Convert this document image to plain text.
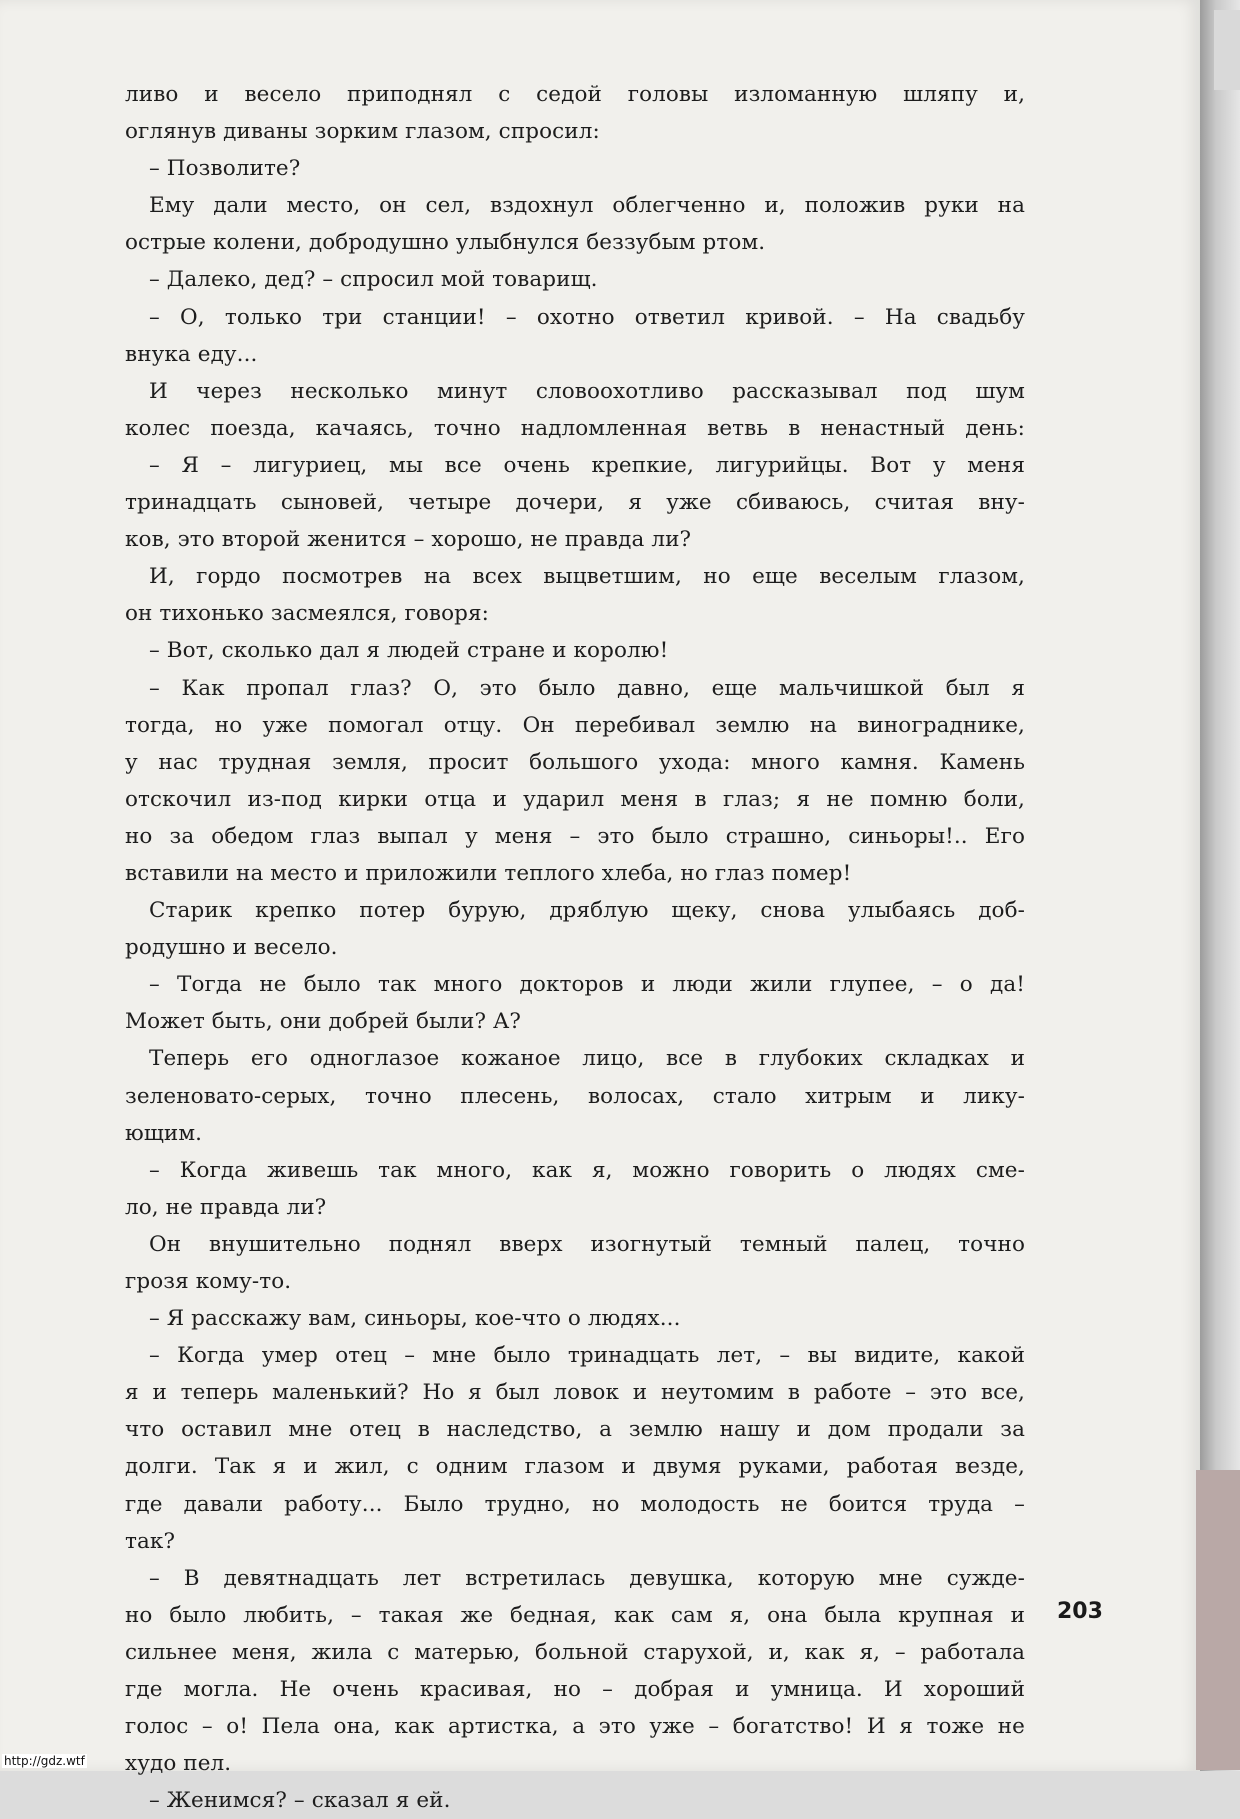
ливо и весело приподнял с седой головы изломанную шляпу и,
оглянув диваны зорким глазом, спросил:
– Позволите?
Ему дали место, он сел, вздохнул облегченно и, положив руки на
острые колени, добродушно улыбнулся беззубым ртом.
– Далеко, дед? – спросил мой товарищ.
– О, только три станции! – охотно ответил кривой. – На свадьбу
внука еду...
И через несколько минут словоохотливо рассказывал под шум
колес поезда, качаясь, точно надломленная ветвь в ненастный день:
– Я – лигуриец, мы все очень крепкие, лигурийцы. Вот у меня
тринадцать сыновей, четыре дочери, я уже сбиваюсь, считая вну-
ков, это второй женится – хорошо, не правда ли?
И, гордо посмотрев на всех выцветшим, но еще веселым глазом,
он тихонько засмеялся, говоря:
– Вот, сколько дал я людей стране и королю!
– Как пропал глаз? О, это было давно, еще мальчишкой был я
тогда, но уже помогал отцу. Он перебивал землю на винограднике,
у нас трудная земля, просит большого ухода: много камня. Камень
отскочил из-под кирки отца и ударил меня в глаз; я не помню боли,
но за обедом глаз выпал у меня – это было страшно, синьоры!.. Его
вставили на место и приложили теплого хлеба, но глаз помер!
Старик крепко потер бурую, дряблую щеку, снова улыбаясь доб-
родушно и весело.
– Тогда не было так много докторов и люди жили глупее, – о да!
Может быть, они добрей были? А?
Теперь его одноглазое кожаное лицо, все в глубоких складках и
зеленовато-серых, точно плесень, волосах, стало хитрым и лику-
ющим.
– Когда живешь так много, как я, можно говорить о людях сме-
ло, не правда ли?
Он внушительно поднял вверх изогнутый темный палец, точно
грозя кому-то.
– Я расскажу вам, синьоры, кое-что о людях...
– Когда умер отец – мне было тринадцать лет, – вы видите, какой
я и теперь маленький? Но я был ловок и неутомим в работе – это все,
что оставил мне отец в наследство, а землю нашу и дом продали за
долги. Так я и жил, с одним глазом и двумя руками, работая везде,
где давали работу... Было трудно, но молодость не боится труда –
так?
– В девятнадцать лет встретилась девушка, которую мне сужде-
но было любить, – такая же бедная, как сам я, она была крупная и
сильнее меня, жила с матерью, больной старухой, и, как я, – работала
где могла. Не очень красивая, но – добрая и умница. И хороший
голос – о! Пела она, как артистка, а это уже – богатство! И я тоже не
худо пел.
– Женимся? – сказал я ей.
203
http://gdz.wtf
